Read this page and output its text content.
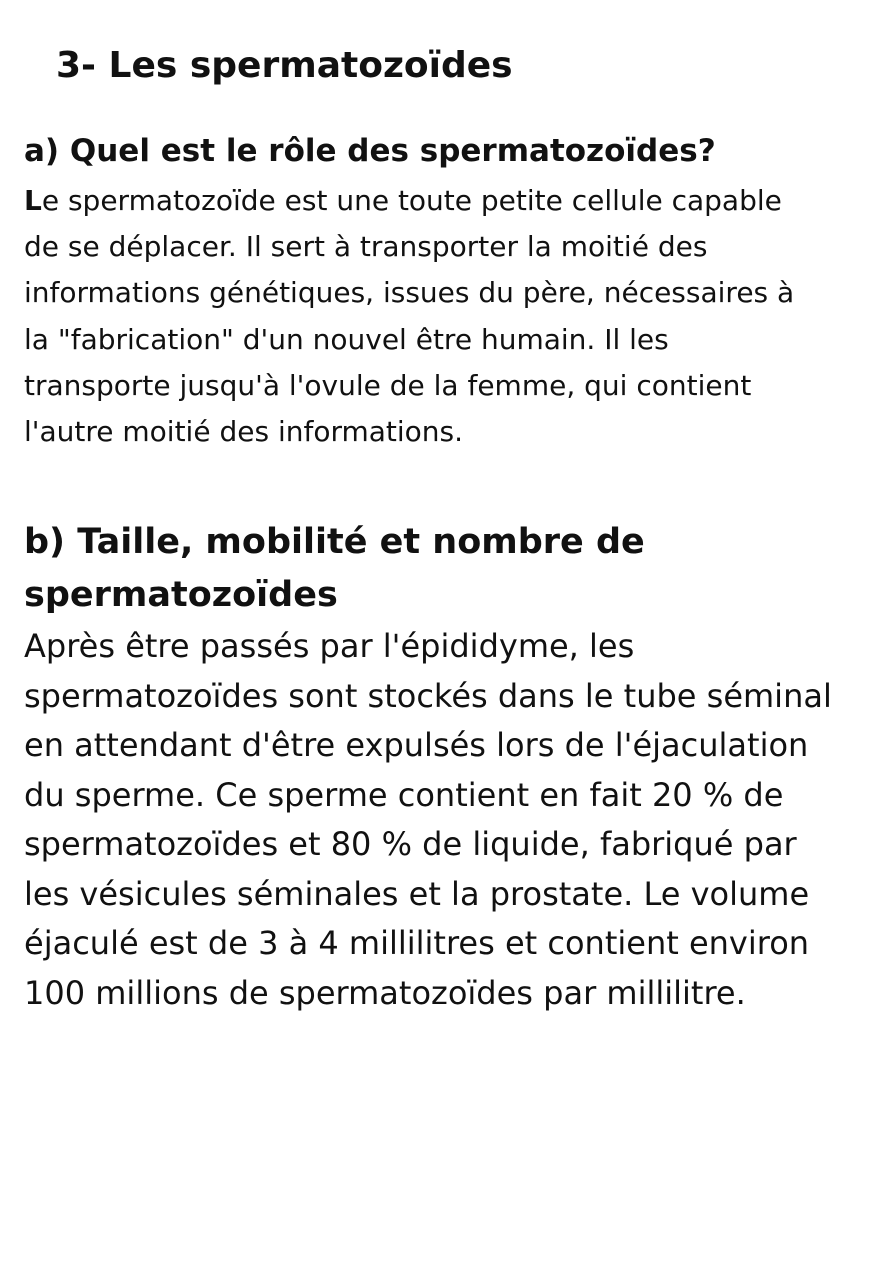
3- Les spermatozoïdes
a) Quel est le rôle des spermatozoïdes?
Le spermatozoïde est une toute petite cellule capable
de se déplacer. Il sert à transporter la moitié des
informations génétiques, issues du père, nécessaires à
la "fabrication" d'un nouvel être humain. Il les
transporte jusqu'à l'ovule de la femme, qui contient
l'autre moitié des informations.
b) Taille, mobilité et nombre de
spermatozoïdes
Après être passés par l'épididyme, les
spermatozoïdes sont stockés dans le tube séminal
en attendant d'être expulsés lors de l'éjaculation
du sperme. Ce sperme contient en fait 20 % de
spermatozoïdes et 80 % de liquide, fabriqué par
les vésicules séminales et la prostate. Le volume
éjaculé est de 3 à 4 millilitres et contient environ
100 millions de spermatozoïdes par millilitre.
